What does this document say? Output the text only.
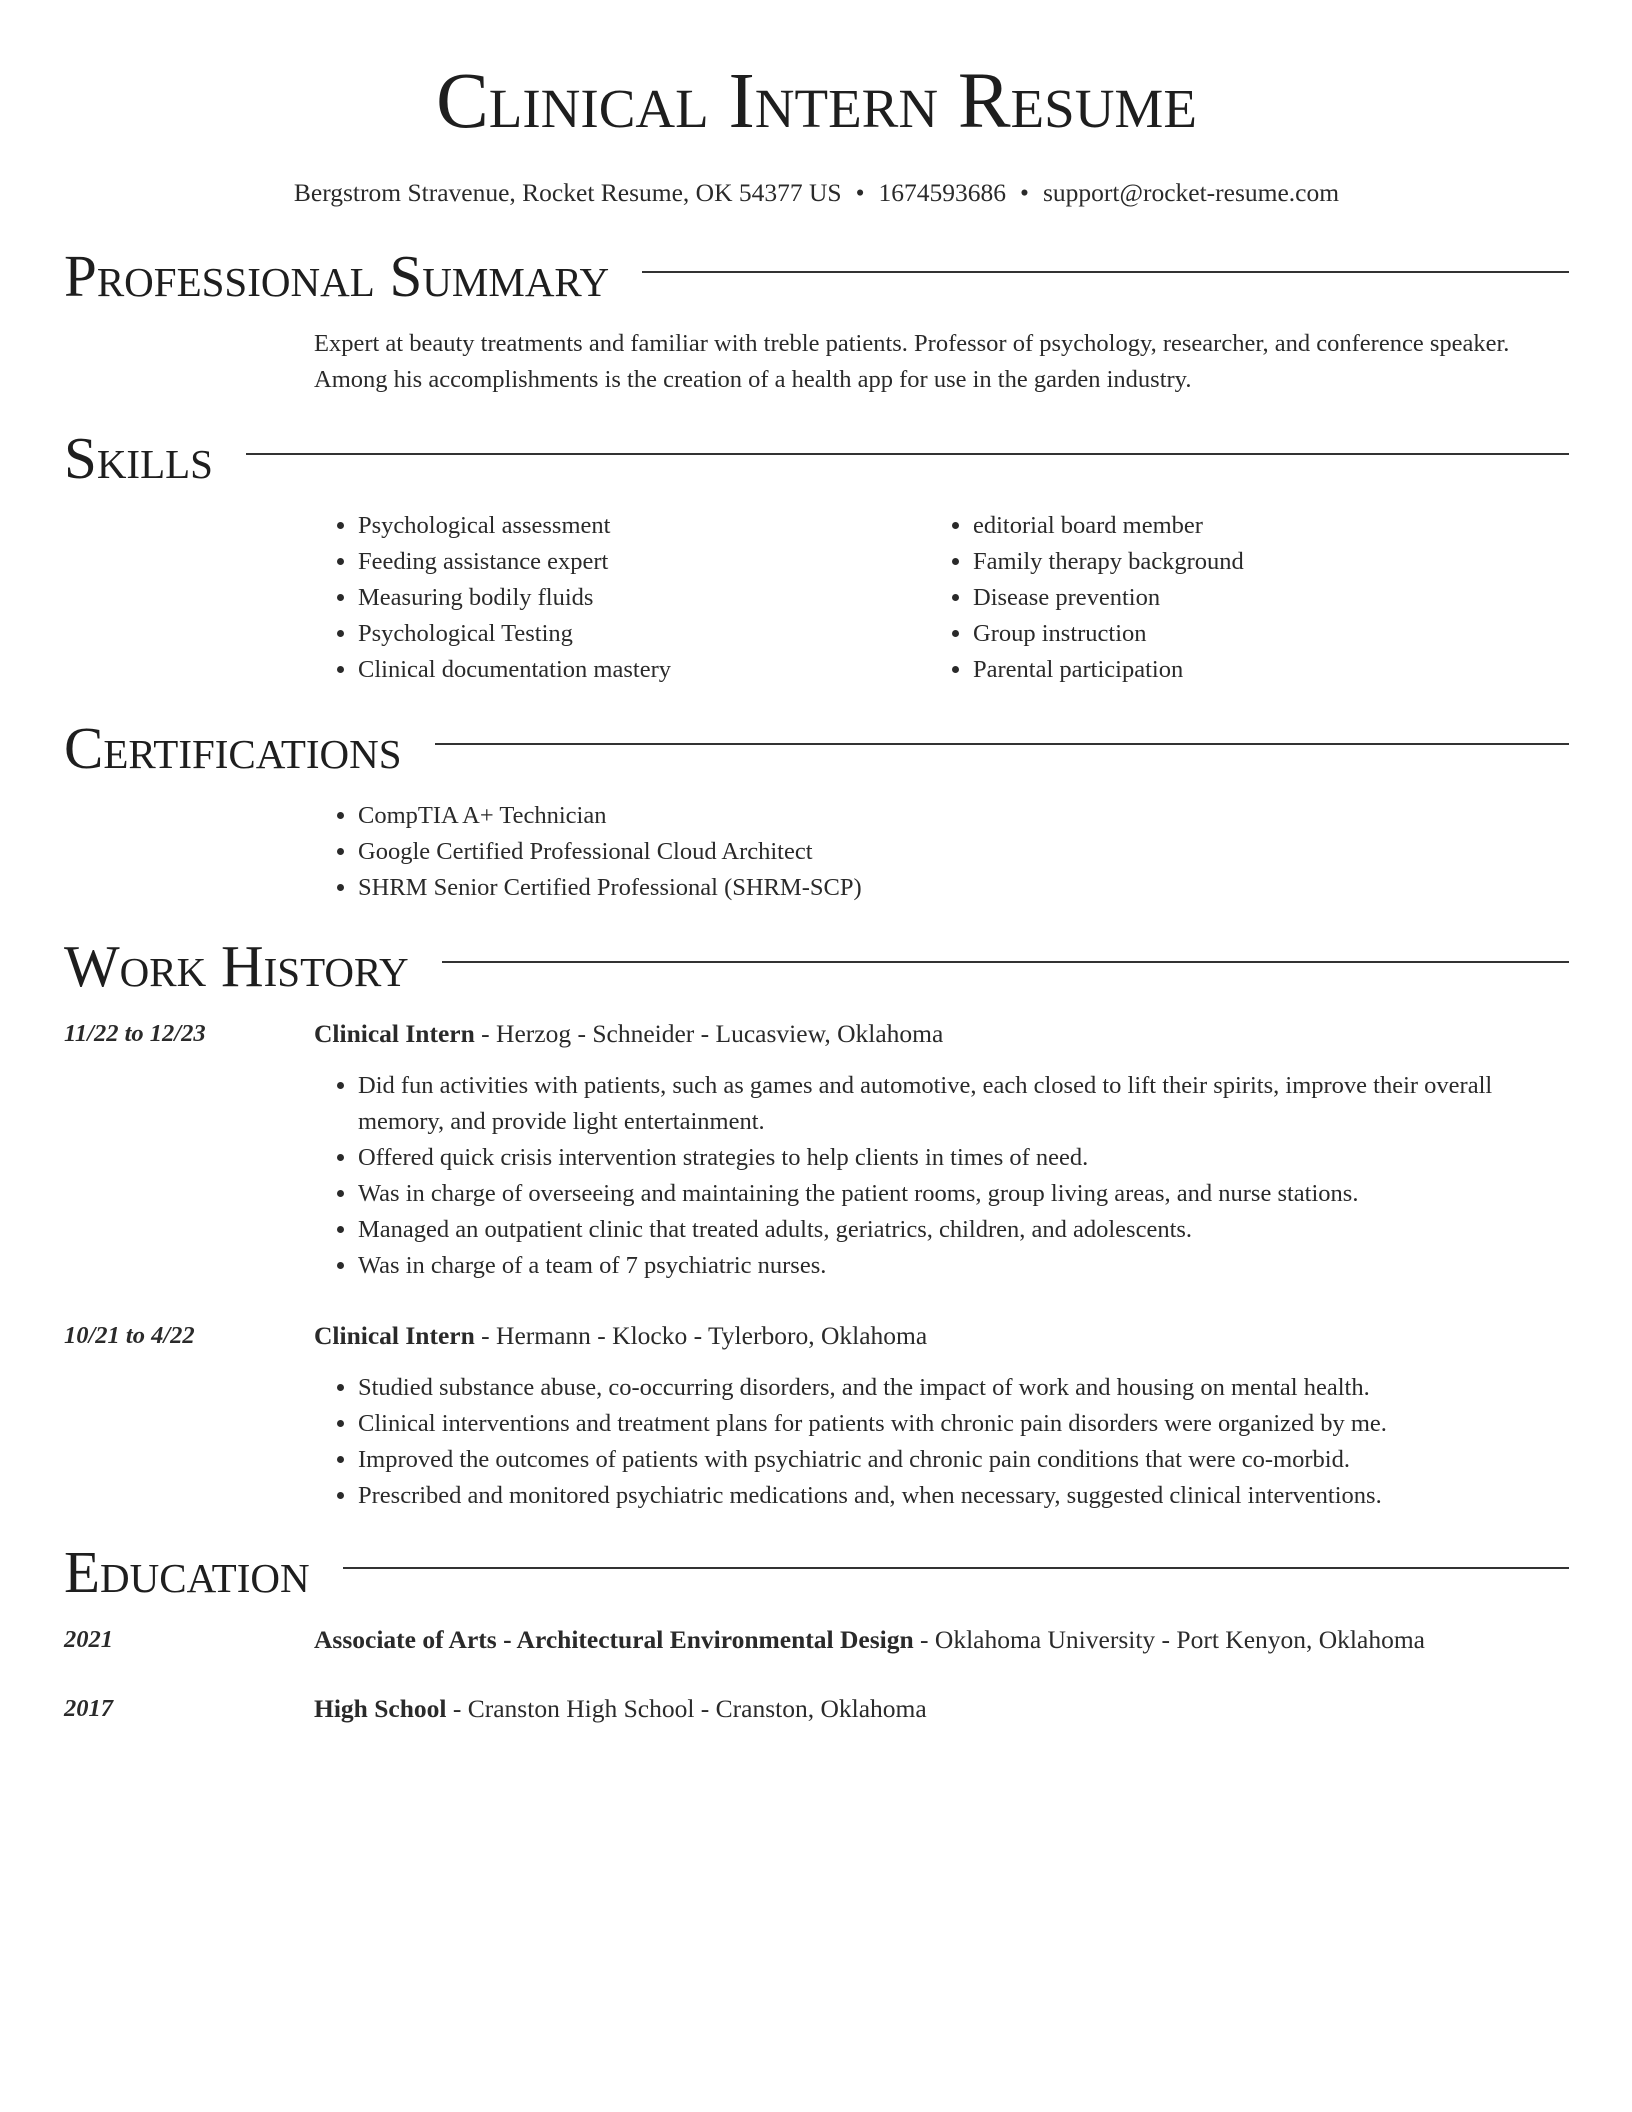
Clinical Intern Resume
Bergstrom Stravenue, Rocket Resume, OK 54377 US • 1674593686 • support@rocket-resume.com
Professional Summary
Expert at beauty treatments and familiar with treble patients. Professor of psychology, researcher, and conference speaker. Among his accomplishments is the creation of a health app for use in the garden industry.
Skills
• Psychological assessment
• Feeding assistance expert
• Measuring bodily fluids
• Psychological Testing
• Clinical documentation mastery
• editorial board member
• Family therapy background
• Disease prevention
• Group instruction
• Parental participation
Certifications
• CompTIA A+ Technician
• Google Certified Professional Cloud Architect
• SHRM Senior Certified Professional (SHRM-SCP)
Work History
11/22 to 12/23	Clinical Intern - Herzog - Schneider - Lucasview, Oklahoma
• Did fun activities with patients, such as games and automotive, each closed to lift their spirits, improve their overall memory, and provide light entertainment.
• Offered quick crisis intervention strategies to help clients in times of need.
• Was in charge of overseeing and maintaining the patient rooms, group living areas, and nurse stations.
• Managed an outpatient clinic that treated adults, geriatrics, children, and adolescents.
• Was in charge of a team of 7 psychiatric nurses.
10/21 to 4/22	Clinical Intern - Hermann - Klocko - Tylerboro, Oklahoma
• Studied substance abuse, co-occurring disorders, and the impact of work and housing on mental health.
• Clinical interventions and treatment plans for patients with chronic pain disorders were organized by me.
• Improved the outcomes of patients with psychiatric and chronic pain conditions that were co-morbid.
• Prescribed and monitored psychiatric medications and, when necessary, suggested clinical interventions.
Education
2021	Associate of Arts - Architectural Environmental Design - Oklahoma University - Port Kenyon, Oklahoma
2017	High School - Cranston High School - Cranston, Oklahoma
